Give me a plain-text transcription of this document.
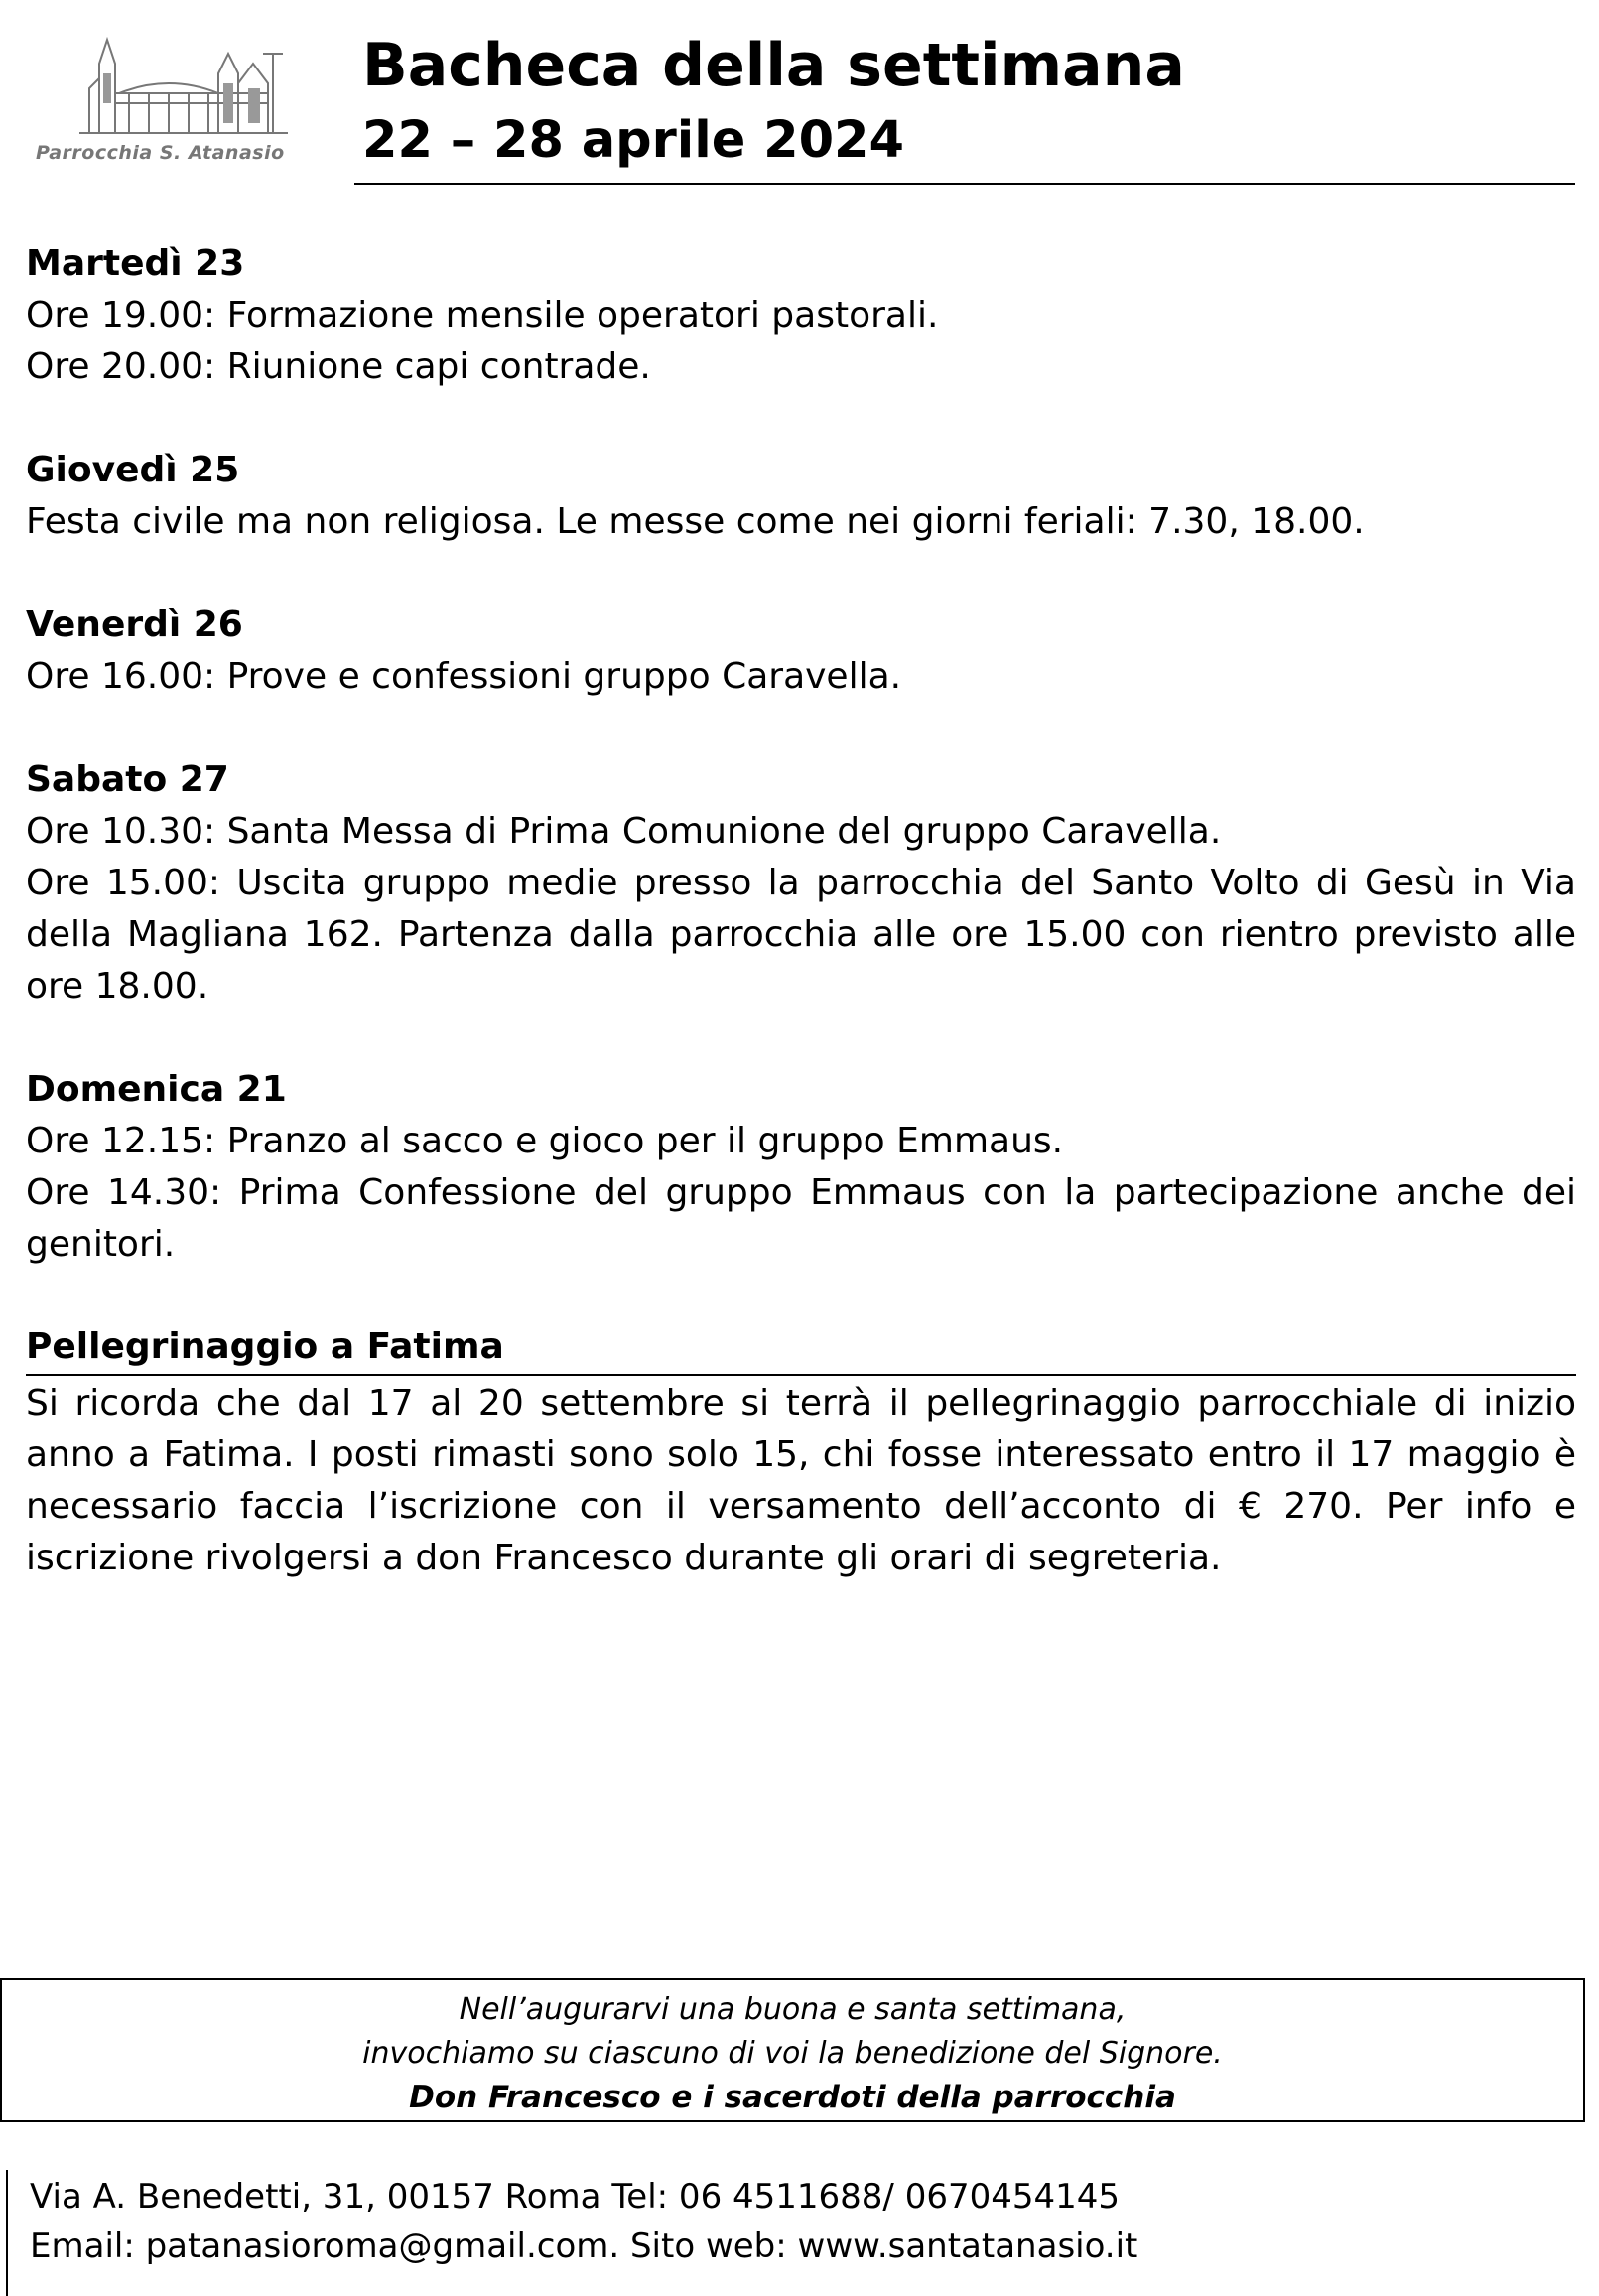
Parrocchia S. Atanasio
Bacheca della settimana
22 – 28 aprile 2024
Martedì 23
Ore 19.00: Formazione mensile operatori pastorali.
Ore 20.00: Riunione capi contrade.
Giovedì 25
Festa civile ma non religiosa. Le messe come nei giorni feriali: 7.30, 18.00.
Venerdì 26
Ore 16.00: Prove e confessioni gruppo Caravella.
Sabato 27
Ore 10.30: Santa Messa di Prima Comunione del gruppo Caravella.
Ore 15.00: Uscita gruppo medie presso la parrocchia del Santo Volto di Gesù in Via della Magliana 162. Partenza dalla parrocchia alle ore 15.00 con rientro previsto alle ore 18.00.
Domenica 21
Ore 12.15: Pranzo al sacco e gioco per il gruppo Emmaus.
Ore 14.30: Prima Confessione del gruppo Emmaus con la partecipazione anche dei genitori.
Pellegrinaggio a Fatima
Si ricorda che dal 17 al 20 settembre si terrà il pellegrinaggio parrocchiale di inizio anno a Fatima. I posti rimasti sono solo 15, chi fosse interessato entro il 17 maggio è necessario faccia l’iscrizione con il versamento dell’acconto di € 270. Per info e iscrizione rivolgersi a don Francesco durante gli orari di segreteria.
Nell’augurarvi una buona e santa settimana,
invochiamo su ciascuno di voi la benedizione del Signore.
Don Francesco e i sacerdoti della parrocchia
Via A. Benedetti, 31, 00157 Roma Tel: 06 4511688/ 0670454145
Email: patanasioroma@gmail.com. Sito web: www.santatanasio.it
